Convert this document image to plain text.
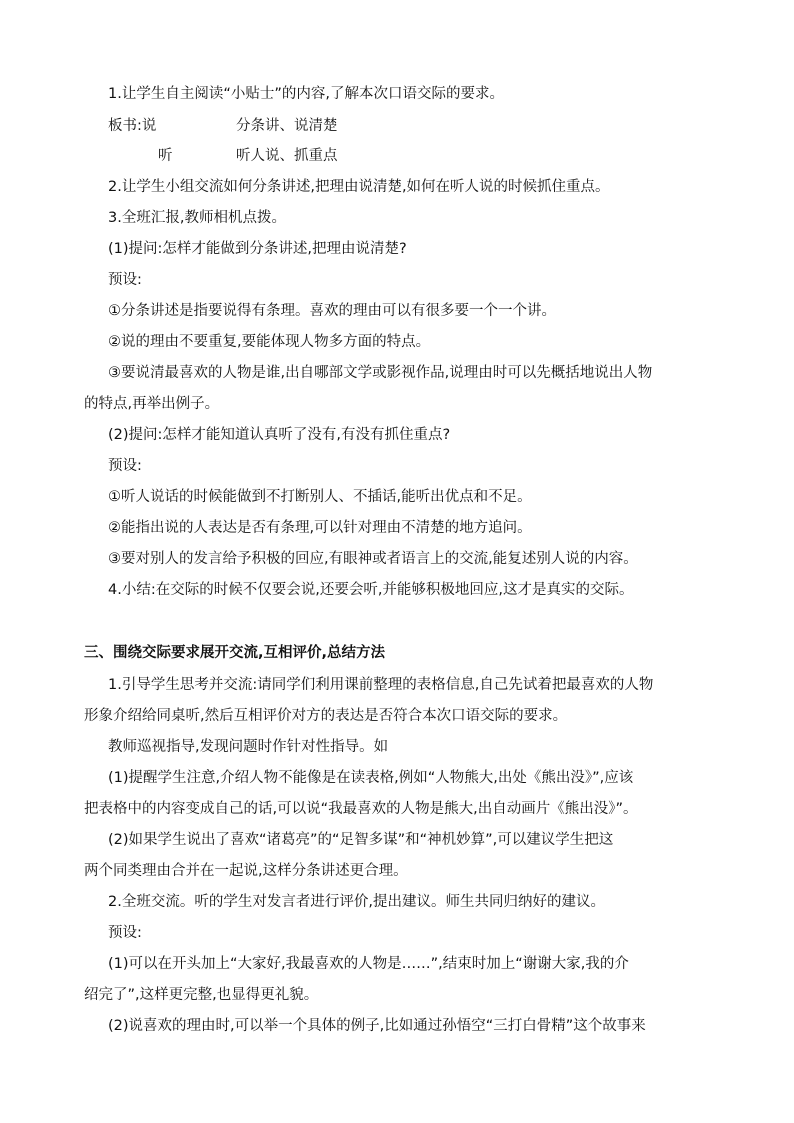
1.让学生自主阅读“小贴士”的内容,了解本次口语交际的要求。
板书:说	分条讲、说清楚
听	听人说、抓重点
2.让学生小组交流如何分条讲述,把理由说清楚,如何在听人说的时候抓住重点。
3.全班汇报,教师相机点拨。
(1)提问:怎样才能做到分条讲述,把理由说清楚?
预设:
①分条讲述是指要说得有条理。喜欢的理由可以有很多要一个一个讲。
②说的理由不要重复,要能体现人物多方面的特点。
③要说清最喜欢的人物是谁,出自哪部文学或影视作品,说理由时可以先概括地说出人物
的特点,再举出例子。
(2)提问:怎样才能知道认真听了没有,有没有抓住重点?
预设:
①听人说话的时候能做到不打断别人、不插话,能听出优点和不足。
②能指出说的人表达是否有条理,可以针对理由不清楚的地方追问。
③要对别人的发言给予积极的回应,有眼神或者语言上的交流,能复述别人说的内容。
4.小结:在交际的时候不仅要会说,还要会听,并能够积极地回应,这才是真实的交际。
三、围绕交际要求展开交流,互相评价,总结方法
1.引导学生思考并交流:请同学们利用课前整理的表格信息,自己先试着把最喜欢的人物
形象介绍给同桌听,然后互相评价对方的表达是否符合本次口语交际的要求。
教师巡视指导,发现问题时作针对性指导。如
(1)提醒学生注意,介绍人物不能像是在读表格,例如“人物熊大,出处《熊出没》”,应该
把表格中的内容变成自己的话,可以说“我最喜欢的人物是熊大,出自动画片《熊出没》”。
(2)如果学生说出了喜欢“诸葛亮”的“足智多谋”和“神机妙算”,可以建议学生把这
两个同类理由合并在一起说,这样分条讲述更合理。
2.全班交流。听的学生对发言者进行评价,提出建议。师生共同归纳好的建议。
预设:
(1)可以在开头加上“大家好,我最喜欢的人物是……”,结束时加上“谢谢大家,我的介
绍完了”,这样更完整,也显得更礼貌。
(2)说喜欢的理由时,可以举一个具体的例子,比如通过孙悟空“三打白骨精”这个故事来
